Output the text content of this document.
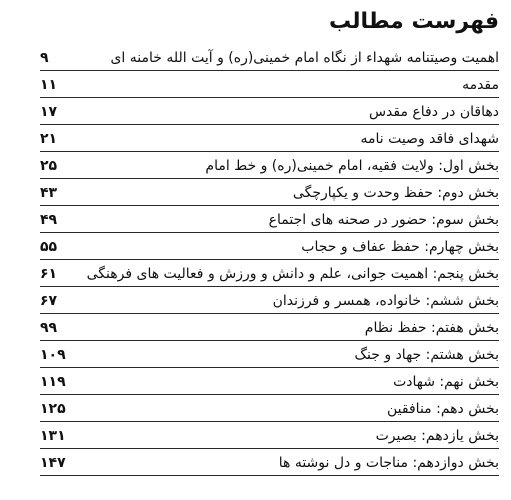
فهرست مطالب
اهمیت وصیتنامه شهداء از نگاه امام خمینی(ره) و آیت الله خامنه ای
۹
مقدمه
۱۱
دهاقان در دفاع مقدس
۱۷
شهدای فاقد وصیت نامه
۲۱
بخش اول: ولایت فقیه، امام خمینی(ره) و خط امام
۲۵
بخش دوم: حفظ وحدت و یکپارچگی
۴۳
بخش سوم: حضور در صحنه های اجتماع
۴۹
بخش چهارم: حفظ عفاف و حجاب
۵۵
بخش پنجم: اهمیت جوانی، علم و دانش و ورزش و فعالیت های فرهنگی
۶۱
بخش ششم: خانواده، همسر و فرزندان
۶۷
بخش هفتم: حفظ نظام
۹۹
بخش هشتم: جهاد و جنگ
۱۰۹
بخش نهم: شهادت
۱۱۹
بخش دهم: منافقین
۱۲۵
بخش یازدهم: بصیرت
۱۳۱
بخش دوازدهم: مناجات و دل نوشته ها
۱۴۷
